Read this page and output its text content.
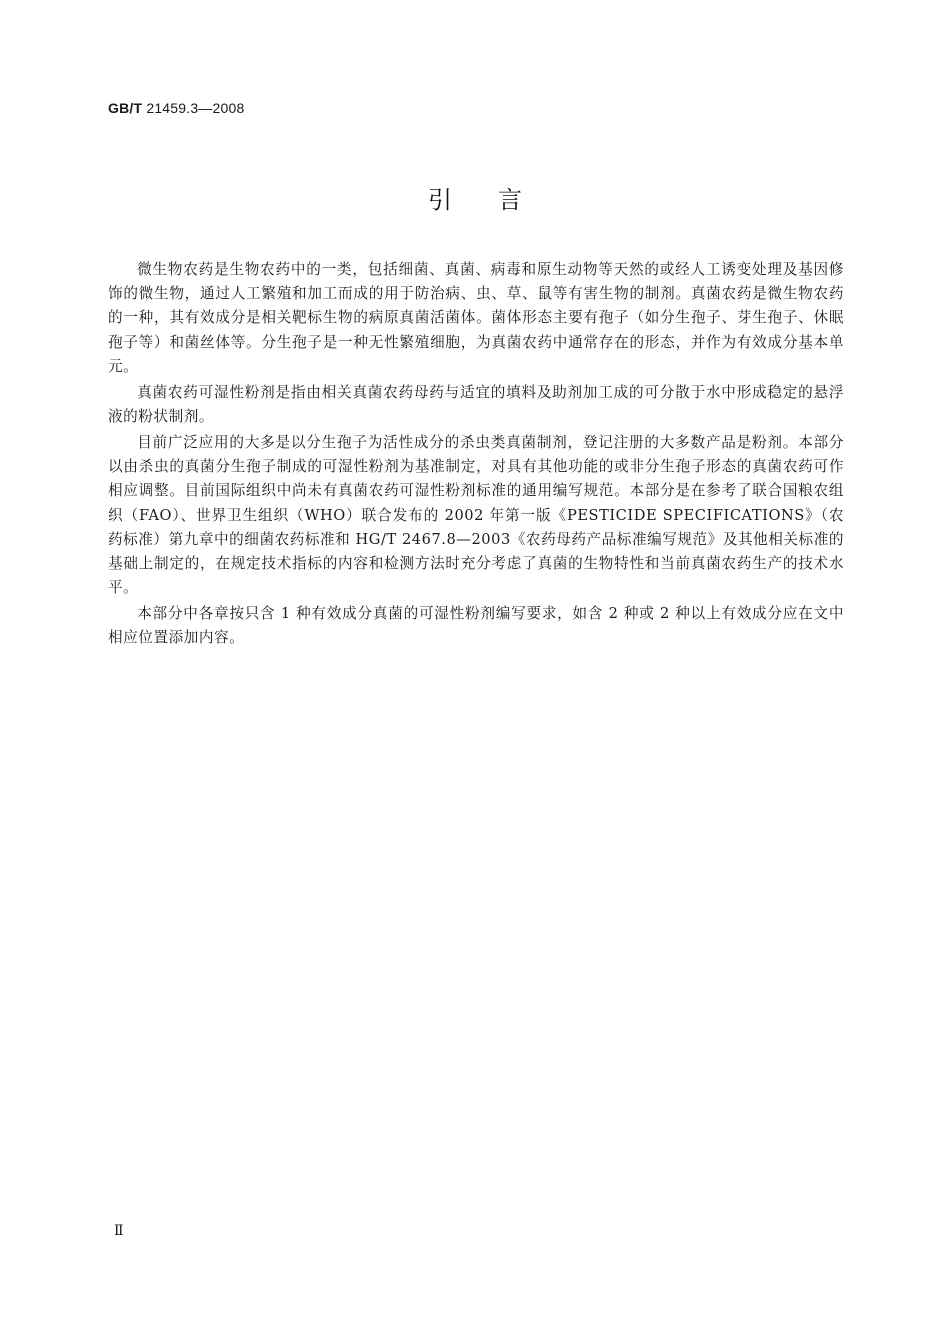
GB/T 21459.3—2008
引言

微生物农药是生物农药中的一类，包括细菌、真菌、病毒和原生动物等天然的或经人工诱变处理及基因修饰的微生物，通过人工繁殖和加工而成的用于防治病、虫、草、鼠等有害生物的制剂。真菌农药是微生物农药的一种，其有效成分是相关靶标生物的病原真菌活菌体。菌体形态主要有孢子（如分生孢子、芽生孢子、休眠孢子等）和菌丝体等。分生孢子是一种无性繁殖细胞，为真菌农药中通常存在的形态，并作为有效成分基本单元。

真菌农药可湿性粉剂是指由相关真菌农药母药与适宜的填料及助剂加工成的可分散于水中形成稳定的悬浮液的粉状制剂。

目前广泛应用的大多是以分生孢子为活性成分的杀虫类真菌制剂，登记注册的大多数产品是粉剂。本部分以由杀虫的真菌分生孢子制成的可湿性粉剂为基准制定，对具有其他功能的或非分生孢子形态的真菌农药可作相应调整。目前国际组织中尚未有真菌农药可湿性粉剂标准的通用编写规范。本部分是在参考了联合国粮农组织（FAO）、世界卫生组织（WHO）联合发布的 2002 年第一版《PESTICIDE SPECIFICATIONS》（农药标准）第九章中的细菌农药标准和 HG/T 2467.8—2003《农药母药产品标准编写规范》及其他相关标准的基础上制定的，在规定技术指标的内容和检测方法时充分考虑了真菌的生物特性和当前真菌农药生产的技术水平。

本部分中各章按只含 1 种有效成分真菌的可湿性粉剂编写要求，如含 2 种或 2 种以上有效成分应在文中相应位置添加内容。

Ⅱ
